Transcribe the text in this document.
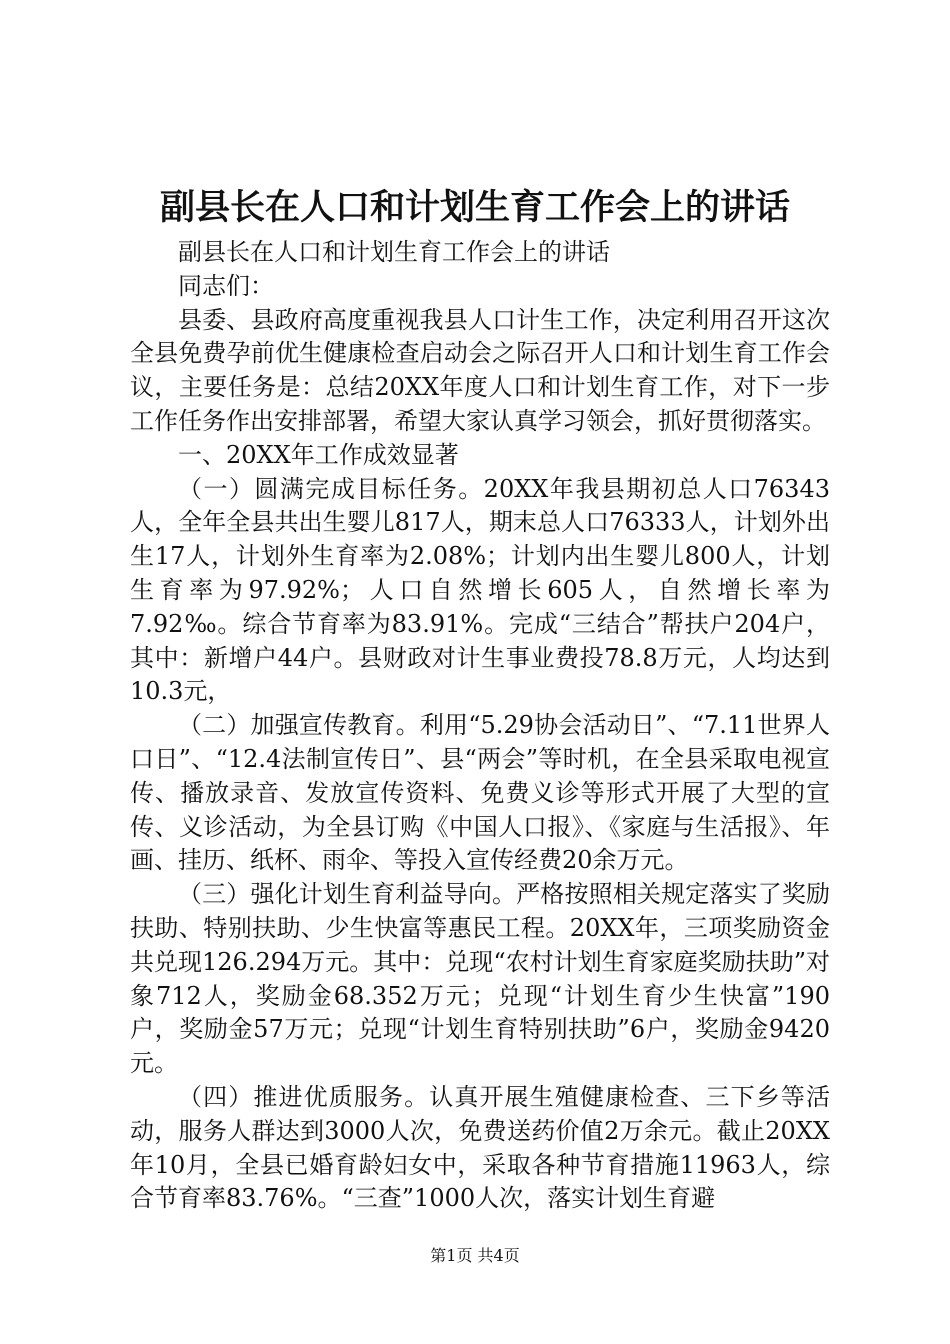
副县长在人口和计划生育工作会上的讲话

副县长在人口和计划生育工作会上的讲话

同志们：

县委、县政府高度重视我县人口计生工作，决定利用召开这次全县免费孕前优生健康检查启动会之际召开人口和计划生育工作会议，主要任务是：总结20XX年度人口和计划生育工作，对下一步工作任务作出安排部署，希望大家认真学习领会，抓好贯彻落实。

一、20XX年工作成效显著

（一）圆满完成目标任务。20XX年我县期初总人口76343人，全年全县共出生婴儿817人，期末总人口76333人，计划外出生17人，计划外生育率为2.08%；计划内出生婴儿800人，计划生育率为97.92%；人口自然增长605人，自然增长率为7.92‰。综合节育率为83.91%。完成“三结合”帮扶户204户，其中：新增户44户。县财政对计生事业费投78.8万元，人均达到10.3元，

（二）加强宣传教育。利用“5.29协会活动日”、“7.11世界人口日”、“12.4法制宣传日”、县“两会”等时机，在全县采取电视宣传、播放录音、发放宣传资料、免费义诊等形式开展了大型的宣传、义诊活动，为全县订购《中国人口报》、《家庭与生活报》、年画、挂历、纸杯、雨伞、等投入宣传经费20余万元。

（三）强化计划生育利益导向。严格按照相关规定落实了奖励扶助、特别扶助、少生快富等惠民工程。20XX年，三项奖励资金共兑现126.294万元。其中：兑现“农村计划生育家庭奖励扶助”对象712人，奖励金68.352万元；兑现“计划生育少生快富”190户，奖励金57万元；兑现“计划生育特别扶助”6户，奖励金9420元。

（四）推进优质服务。认真开展生殖健康检查、三下乡等活动，服务人群达到3000人次，免费送药价值2万余元。截止20XX年10月，全县已婚育龄妇女中，采取各种节育措施11963人，综合节育率83.76%。“三查”1000人次，落实计划生育避

第1页 共4页
